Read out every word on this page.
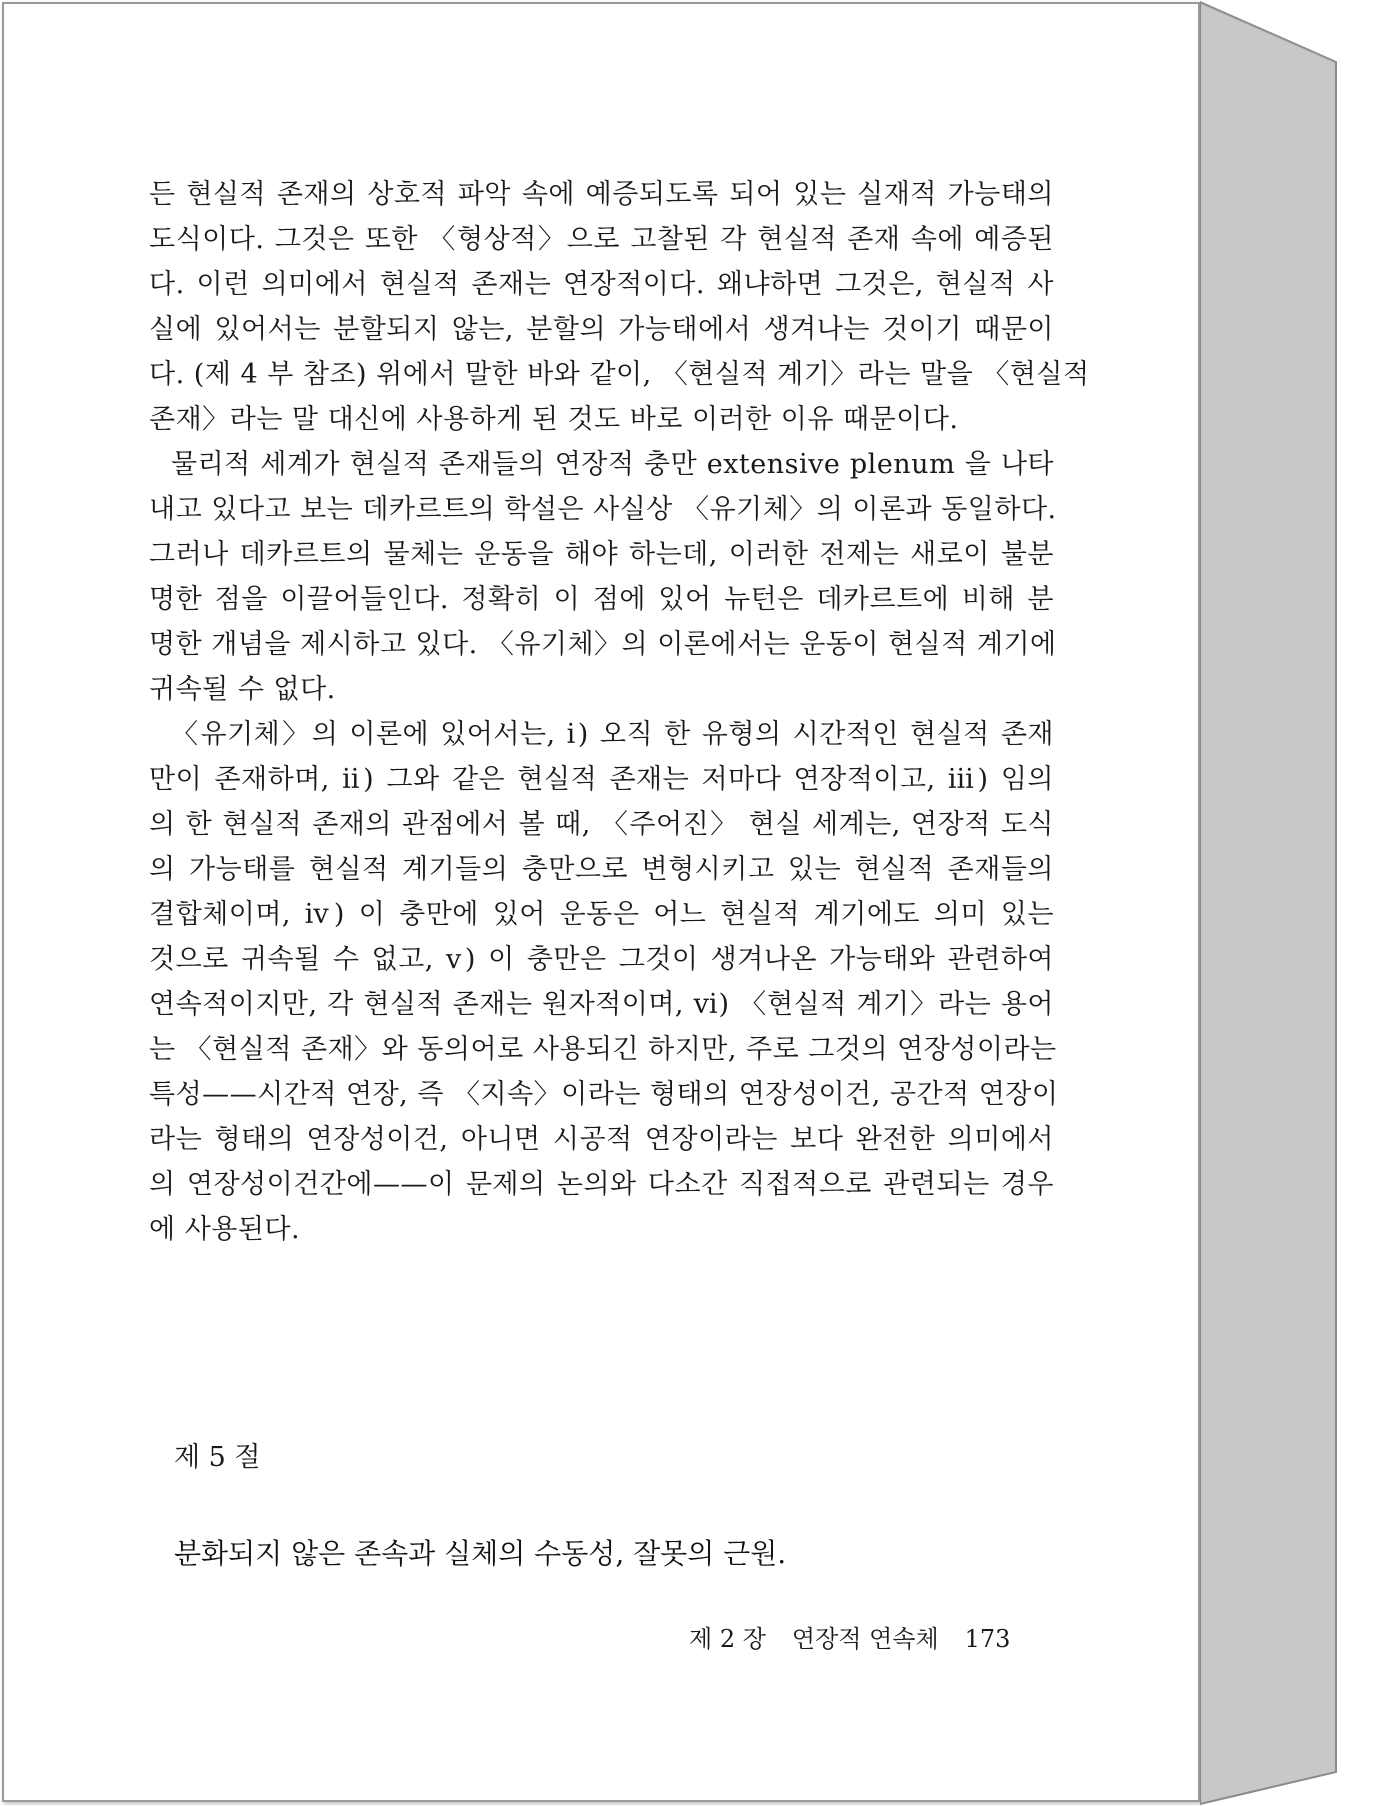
든 현실적 존재의 상호적 파악 속에 예증되도록 되어 있는 실재적 가능태의
도식이다. 그것은 또한 〈형상적〉으로 고찰된 각 현실적 존재 속에 예증된
다. 이런 의미에서 현실적 존재는 연장적이다. 왜냐하면 그것은, 현실적 사
실에 있어서는 분할되지 않는, 분할의 가능태에서 생겨나는 것이기 때문이
다. (제 4 부 참조) 위에서 말한 바와 같이, 〈현실적 계기〉라는 말을 〈현실적
존재〉라는 말 대신에 사용하게 된 것도 바로 이러한 이유 때문이다.
물리적 세계가 현실적 존재들의 연장적 충만 extensive plenum 을 나타
내고 있다고 보는 데카르트의 학설은 사실상 〈유기체〉의 이론과 동일하다.
그러나 데카르트의 물체는 운동을 해야 하는데, 이러한 전제는 새로이 불분
명한 점을 이끌어들인다. 정확히 이 점에 있어 뉴턴은 데카르트에 비해 분
명한 개념을 제시하고 있다. 〈유기체〉의 이론에서는 운동이 현실적 계기에
귀속될 수 없다.
〈유기체〉의 이론에 있어서는, ⅰ) 오직 한 유형의 시간적인 현실적 존재
만이 존재하며, ⅱ) 그와 같은 현실적 존재는 저마다 연장적이고, ⅲ) 임의
의 한 현실적 존재의 관점에서 볼 때, 〈주어진〉 현실 세계는, 연장적 도식
의 가능태를 현실적 계기들의 충만으로 변형시키고 있는 현실적 존재들의
결합체이며, ⅳ) 이 충만에 있어 운동은 어느 현실적 계기에도 의미 있는
것으로 귀속될 수 없고, ⅴ) 이 충만은 그것이 생겨나온 가능태와 관련하여
연속적이지만, 각 현실적 존재는 원자적이며, ⅵ) 〈현실적 계기〉라는 용어
는 〈현실적 존재〉와 동의어로 사용되긴 하지만, 주로 그것의 연장성이라는
특성——시간적 연장, 즉 〈지속〉이라는 형태의 연장성이건, 공간적 연장이
라는 형태의 연장성이건, 아니면 시공적 연장이라는 보다 완전한 의미에서
의 연장성이건간에——이 문제의 논의와 다소간 직접적으로 관련되는 경우
에 사용된다.
제 5 절
분화되지 않은 존속과 실체의 수동성, 잘못의 근원.
제 2 장 연장적 연속체 173
